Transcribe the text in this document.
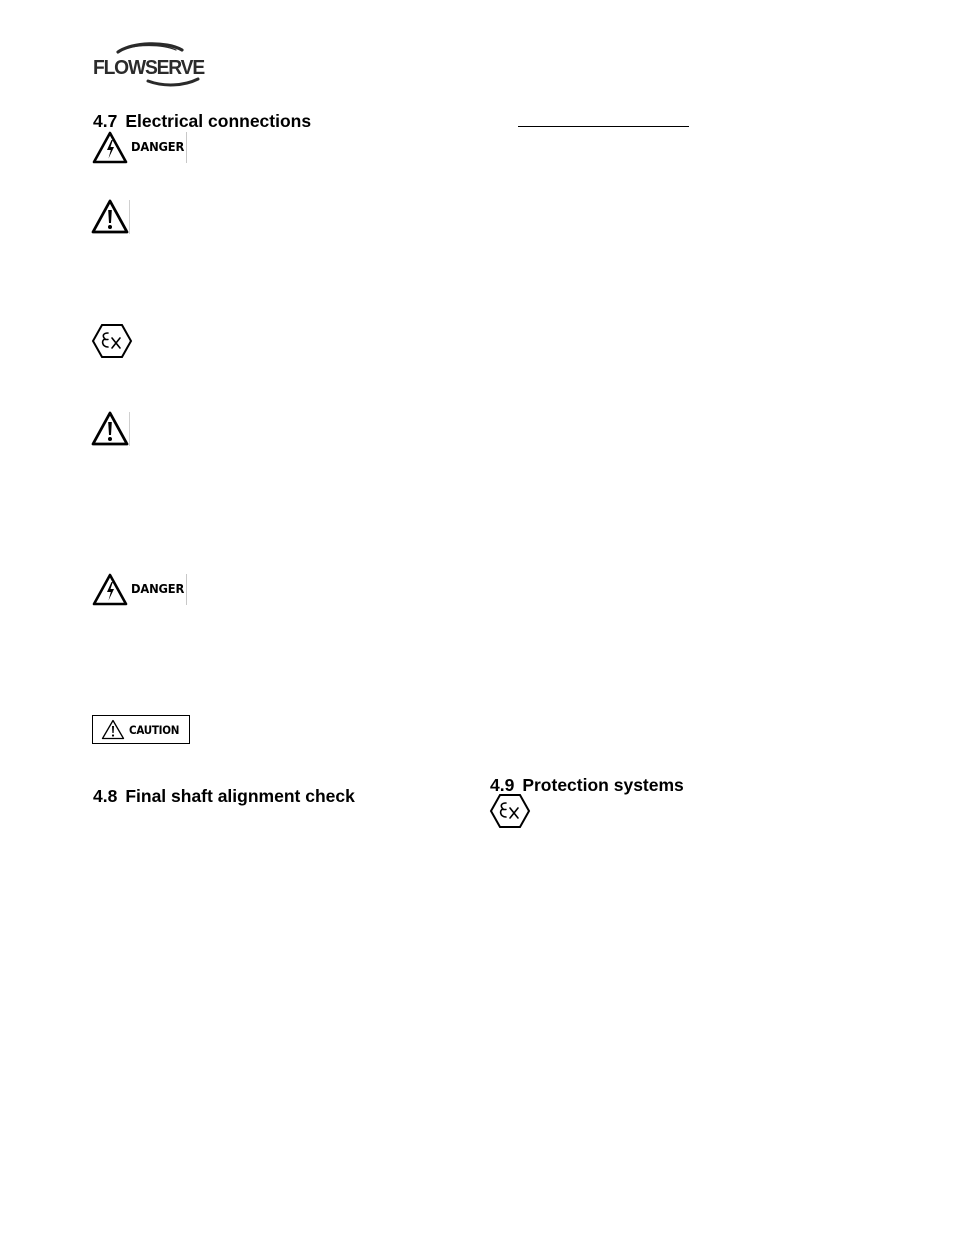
FLOWSERVE
4.7 Electrical connections
DANGER
DANGER
CAUTION
4.8 Final shaft alignment check
4.9 Protection systems
